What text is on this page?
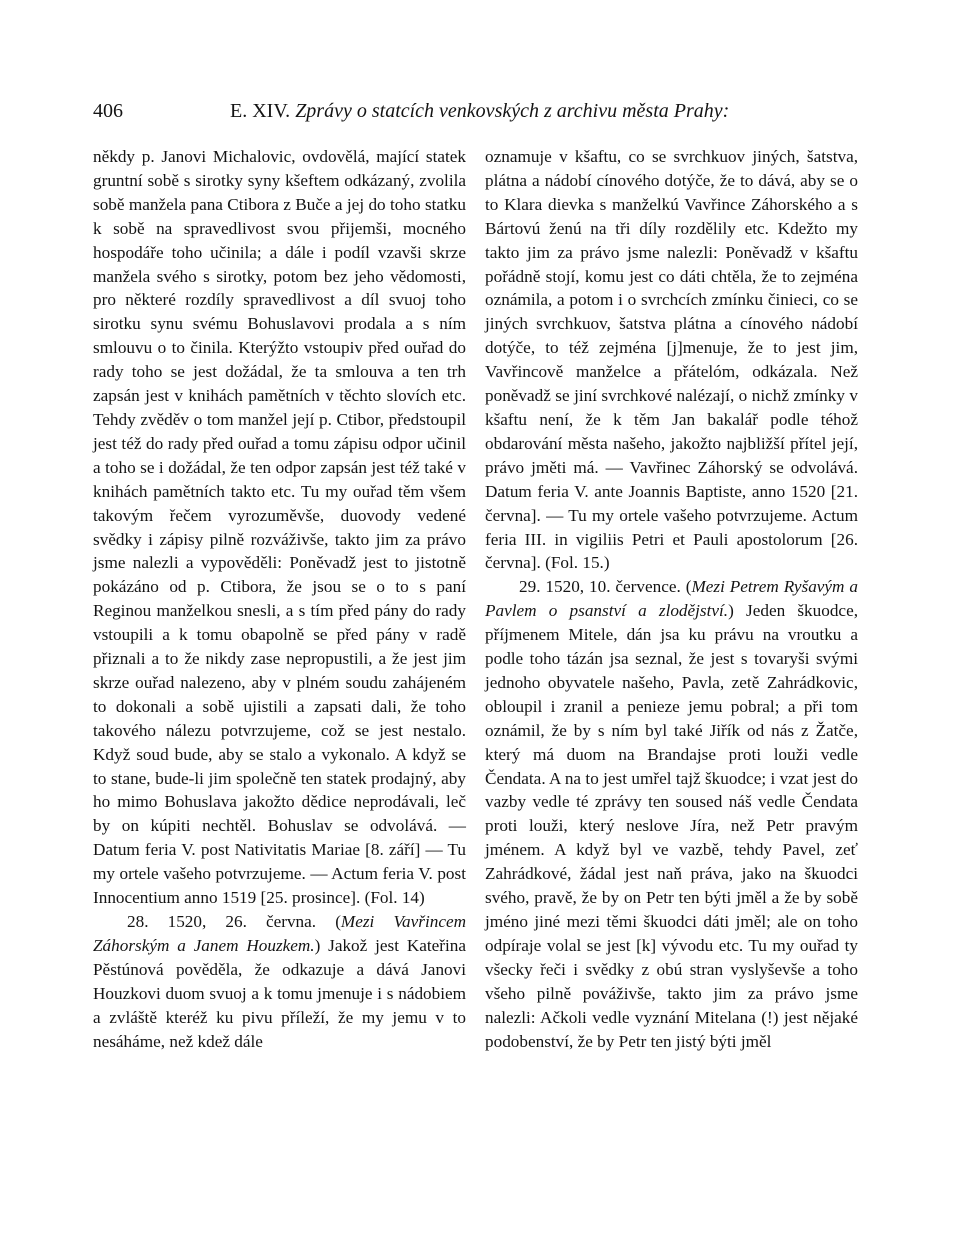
406	E. XIV. Zprávy o statcích venkovských z archivu města Prahy:

někdy p. Janovi Michalovic, ovdovělá, mající statek gruntní sobě s sirotky syny kšeftem odkázaný, zvolila sobě manžela pana Ctibora z Buče a jej do toho statku k sobě na spravedlivost svou přijemši, mocného hospodáře toho učinila; a dále i podíl vzavši skrze manžela svého s sirotky, potom bez jeho vědomosti, pro některé rozdíly spravedlivost a díl svuoj toho sirotku synu svému Bohuslavovi prodala a s ním smlouvu o to činila. Kterýžto vstoupiv před ouřad do rady toho se jest dožádal, že ta smlouva a ten trh zapsán jest v knihách pamětních v těchto slovích etc. Tehdy zvěděv o tom manžel její p. Ctibor, předstoupil jest též do rady před ouřad a tomu zápisu odpor učinil a toho se i dožádal, že ten odpor zapsán jest též také v knihách pamětních takto etc. Tu my ouřad těm všem takovým řečem vyrozuměvše, duovody vedené svědky i zápisy pilně rozváživše, takto jim za právo jsme nalezli a vypověděli: Poněvadž jest to jistotně pokázáno od p. Ctibora, že jsou se o to s paní Reginou manželkou snesli, a s tím před pány do rady vstoupili a k tomu obapolně se před pány v radě přiznali a to že nikdy zase nepropustili, a že jest jim skrze ouřad nalezeno, aby v plném soudu zahájeném to dokonali a sobě ujistili a zapsati dali, že toho takového nálezu potvrzujeme, což se jest nestalo. Když soud bude, aby se stalo a vykonalo. A když se to stane, bude-li jim společně ten statek prodajný, aby ho mimo Bohuslava jakožto dědice neprodávali, leč by on kúpiti nechtěl. Bohuslav se odvolává. — Datum feria V. post Nativitatis Mariae [8. září] — Tu my ortele vašeho potvrzujeme. — Actum feria V. post Innocentium anno 1519 [25. prosince]. (Fol. 14)

28. 1520, 26. června. (Mezi Vavřincem Záhorským a Janem Houzkem.) Jakož jest Kateřina Pěstúnová pověděla, že odkazuje a dává Janovi Houzkovi duom svuoj a k tomu jmenuje i s nádobiem a zvláště kteréž ku pivu příleží, že my jemu v to nesáháme, než kdež dále

oznamuje v kšaftu, co se svrchkuov jiných, šatstva, plátna a nádobí cínového dotýče, že to dává, aby se o to Klara dievka s manželkú Vavřince Záhorského a s Bártovú ženú na tři díly rozdělily etc. Kdežto my takto jim za právo jsme nalezli: Poněvadž v kšaftu pořádně stojí, komu jest co dáti chtěla, že to zejména oznámila, a potom i o svrchcích zmínku činieci, co se jiných svrchkuov, šatstva plátna a cínového nádobí dotýče, to též zejména [j]menuje, že to jest jim, Vavřincově manželce a přátelóm, odkázala. Než poněvadž se jiní svrchkové nalézají, o nichž zmínky v kšaftu není, že k těm Jan bakalář podle téhož obdarování města našeho, jakožto najbližší přítel její, právo jměti má. — Vavřinec Záhorský se odvolává. Datum feria V. ante Joannis Baptiste, anno 1520 [21. června]. — Tu my ortele vašeho potvrzujeme. Actum feria III. in vigiliis Petri et Pauli apostolorum [26. června]. (Fol. 15.)

29. 1520, 10. července. (Mezi Petrem Ryšavým a Pavlem o psanství a zlodějství.) Jeden škuodce, příjmenem Mitele, dán jsa ku právu na vroutku a podle toho tázán jsa seznal, že jest s tovaryši svými jednoho obyvatele našeho, Pavla, zetě Zahrádkovic, obloupil i zranil a penieze jemu pobral; a při tom oznámil, že by s ním byl také Jiřík od nás z Žatče, který má duom na Brandajse proti louži vedle Čendata. A na to jest umřel tajž škuodce; i vzat jest do vazby vedle té zprávy ten soused náš vedle Čendata proti louži, který neslove Jíra, než Petr pravým jménem. A když byl ve vazbě, tehdy Pavel, zeť Zahrádkové, žádal jest naň práva, jako na škuodci svého, pravě, že by on Petr ten býti jměl a že by sobě jméno jiné mezi těmi škuodci dáti jměl; ale on toho odpíraje volal se jest [k] vývodu etc. Tu my ouřad ty všecky řeči i svědky z obú stran vyslyševše a toho všeho pilně pováživše, takto jim za právo jsme nalezli: Ačkoli vedle vyznání Mitelana (!) jest nějaké podobenství, že by Petr ten jistý býti jměl
